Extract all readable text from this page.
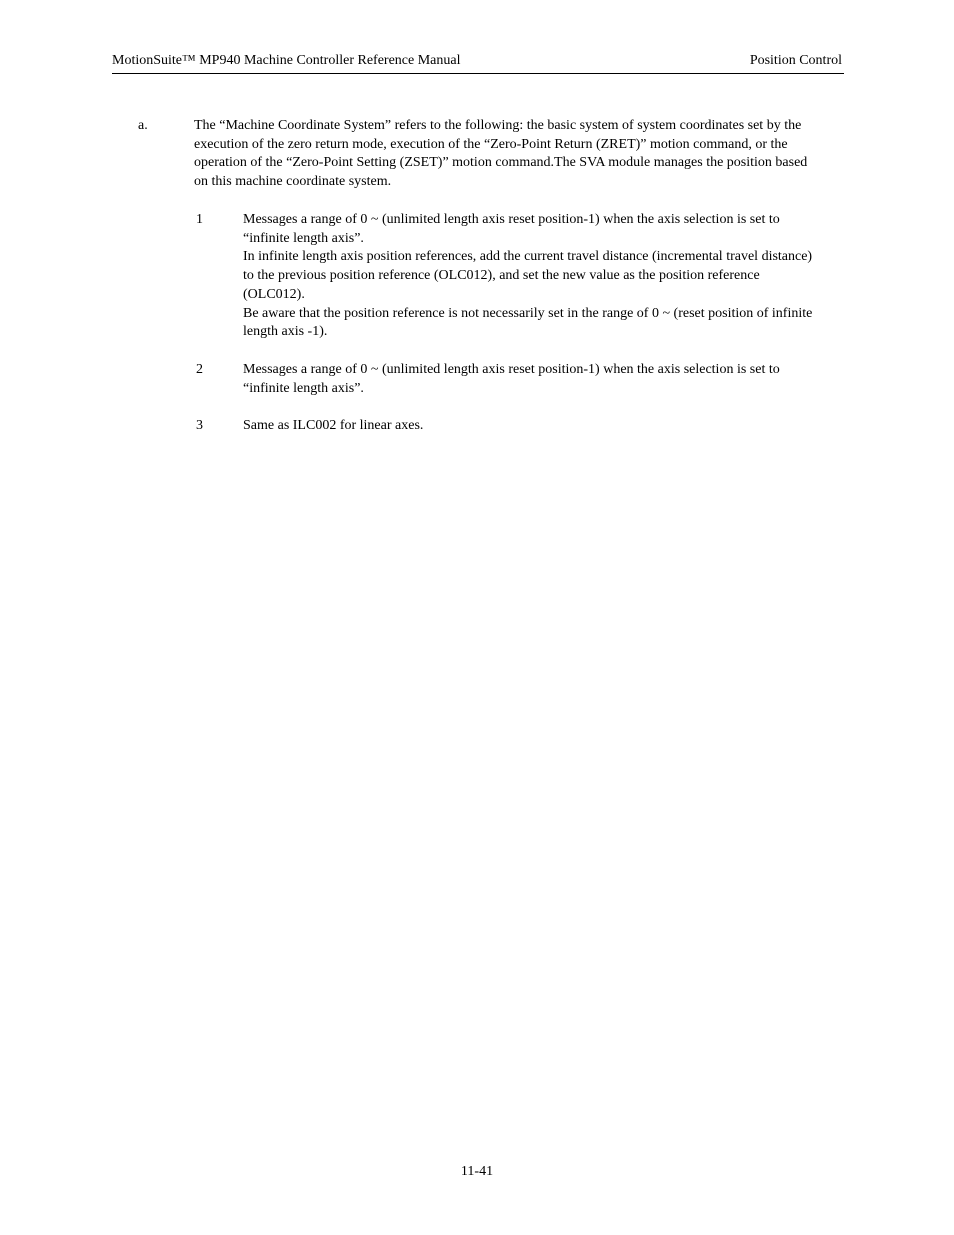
MotionSuite™ MP940 Machine Controller Reference Manual	Position Control
a.	The “Machine Coordinate System” refers to the following: the basic system of system coordinates set by the execution of the zero return mode, execution of the “Zero-Point Return (ZRET)” motion command, or the operation of the “Zero-Point Setting (ZSET)” motion command.The SVA module manages the position based on this machine coordinate system.
1	Messages a range of 0 ~ (unlimited length axis reset position-1) when the axis selection is set to “infinite length axis”.

In infinite length axis position references, add the current travel distance (incremental travel distance) to the previous position reference (OLC012), and set the new value as the position reference (OLC012).

Be aware that the position reference is not necessarily set in the range of 0 ~ (reset position of infinite length axis -1).

2	Messages a range of 0 ~ (unlimited length axis reset position-1) when the axis selection is set to “infinite length axis”.

3	Same as ILC002 for linear axes.

11-41
